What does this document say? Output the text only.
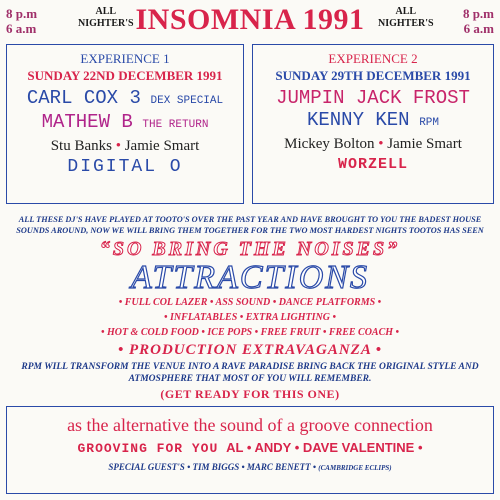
8 p.m
6 a.m
ALL
NIGHTER'S INSOMNIA 1991	ALL
NIGHTER'S
8 p.m
6 a.m
EXPERIENCE 1
SUNDAY 22ND DECEMBER 1991
CARL COX 3 DEX SPECIAL
MATHEW B THE RETURN
Stu Banks • Jamie Smart
DIGITAL O
EXPERIENCE 2
SUNDAY 29TH DECEMBER 1991
JUMPIN JACK FROST
KENNY KEN RPM
Mickey Bolton • Jamie Smart
WORZELL
ALL THESE DJ'S HAVE PLAYED AT TOOTO'S OVER THE PAST YEAR AND HAVE BROUGHT TO YOU THE BADEST HOUSE SOUNDS AROUND, NOW WE WILL BRING THEM TOGETHER FOR THE TWO MOST HARDEST NIGHTS TOOTOS HAS SEEN
“SO BRING THE NOISES”
ATTRACTIONS
• FULL COL LAZER • ASS SOUND • DANCE PLATFORMS •
• INFLATABLES • EXTRA LIGHTING •
• HOT & COLD FOOD • ICE POPS • FREE FRUIT • FREE COACH •
• PRODUCTION EXTRAVAGANZA •
RPM WILL TRANSFORM THE VENUE INTO A RAVE PARADISE BRING BACK THE ORIGINAL STYLE AND ATMOSPHERE THAT MOST OF YOU WILL REMEMBER.
(GET READY FOR THIS ONE)
as the alternative the sound of a groove connection
GROOVING FOR YOU AL • ANDY • DAVE VALENTINE •
SPECIAL GUEST'S • TIM BIGGS • MARC BENETT • (CAMBRIDGE ECLIPS)
